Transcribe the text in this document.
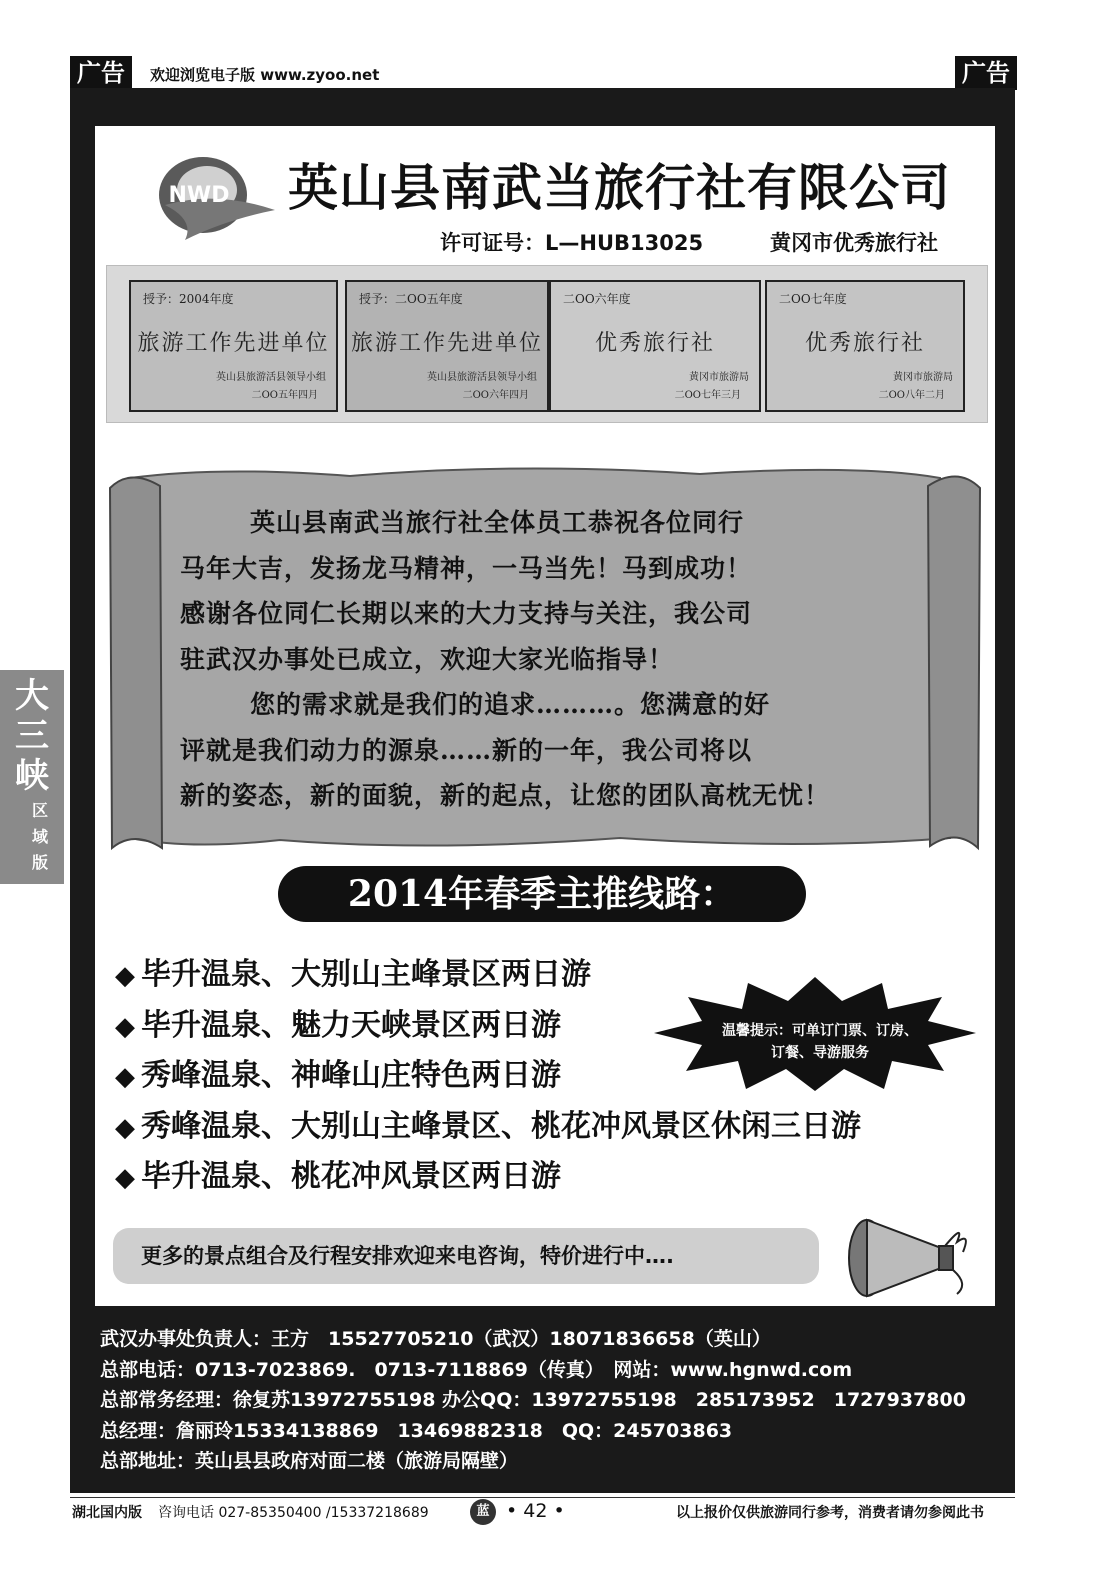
广告	欢迎浏览电子版 www.zyoo.net	广告
大
三
峡
区
域
版
NWD 英山县南武当旅行社有限公司
许可证号：L—HUB13025	黄冈市优秀旅行社
授予：2004年度
旅游工作先进单位
英山县旅游活县领导小组
二OO五年四月
授予：二OO五年度
旅游工作先进单位
英山县旅游活县领导小组
二OO六年四月
二OO六年度
优秀旅行社
黄冈市旅游局
二OO七年三月
二OO七年度
优秀旅行社
黄冈市旅游局
二OO八年二月

英山县南武当旅行社全体员工恭祝各位同行

马年大吉，发扬龙马精神，一马当先！马到成功！

感谢各位同仁长期以来的大力支持与关注，我公司

驻武汉办事处已成立，欢迎大家光临指导！

您的需求就是我们的追求………。您满意的好

评就是我们动力的源泉……新的一年，我公司将以

新的姿态，新的面貌，新的起点，让您的团队高枕无忧！

2014年春季主推线路：
◆ 毕升温泉、大别山主峰景区两日游
◆ 毕升温泉、魅力天峡景区两日游
◆ 秀峰温泉、神峰山庄特色两日游
◆ 秀峰温泉、大别山主峰景区、桃花冲风景区休闲三日游
◆ 毕升温泉、桃花冲风景区两日游
温馨提示：可单订门票、订房、
订餐、导游服务
更多的景点组合及行程安排欢迎来电咨询，特价进行中….
武汉办事处负责人：王方　15527705210（武汉）18071836658（英山）
总部电话：0713-7023869.　0713-7118869（传真）　网站：www.hgnwd.com
总部常务经理：徐复苏13972755198 办公QQ：13972755198　285173952　1727937800
总经理：詹丽玲15334138869　13469882318　QQ：245703863
总部地址：英山县县政府对面二楼（旅游局隔壁）
湖北国内版 咨询电话 027-85350400 /15337218689	蓝 • 42 •	以上报价仅供旅游同行参考，消费者请勿参阅此书
